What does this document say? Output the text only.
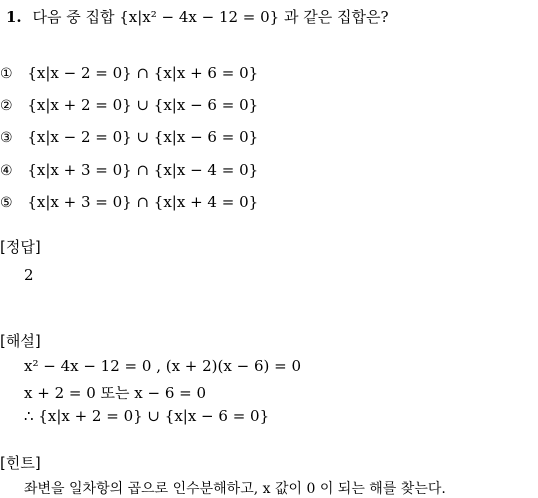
1. 다음 중 집합 {x|x² − 4x − 12 = 0} 과 같은 집합은?
① {x|x − 2 = 0} ∩ {x|x + 6 = 0}
② {x|x + 2 = 0} ∪ {x|x − 6 = 0}
③ {x|x − 2 = 0} ∪ {x|x − 6 = 0}
④ {x|x + 3 = 0} ∩ {x|x − 4 = 0}
⑤ {x|x + 3 = 0} ∩ {x|x + 4 = 0}
[정답]
2
[해설]
x² − 4x − 12 = 0 , (x + 2)(x − 6) = 0
x + 2 = 0 또는 x − 6 = 0
∴ {x|x + 2 = 0} ∪ {x|x − 6 = 0}
[힌트]
좌변을 일차항의 곱으로 인수분해하고, x 값이 0 이 되는 해를 찾는다.
